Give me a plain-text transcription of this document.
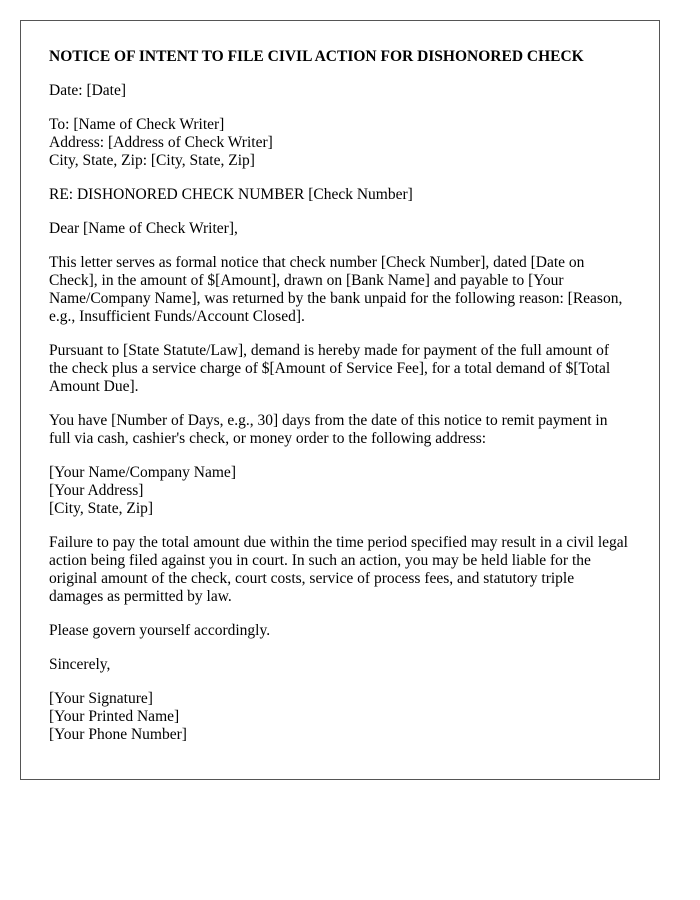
NOTICE OF INTENT TO FILE CIVIL ACTION FOR DISHONORED CHECK
Date: [Date]
To: [Name of Check Writer]
Address: [Address of Check Writer]
City, State, Zip: [City, State, Zip]
RE: DISHONORED CHECK NUMBER [Check Number]
Dear [Name of Check Writer],
This letter serves as formal notice that check number [Check Number], dated [Date on Check], in the amount of $[Amount], drawn on [Bank Name] and payable to [Your Name/Company Name], was returned by the bank unpaid for the following reason: [Reason, e.g., Insufficient Funds/Account Closed].
Pursuant to [State Statute/Law], demand is hereby made for payment of the full amount of the check plus a service charge of $[Amount of Service Fee], for a total demand of $[Total Amount Due].
You have [Number of Days, e.g., 30] days from the date of this notice to remit payment in full via cash, cashier's check, or money order to the following address:
[Your Name/Company Name]
[Your Address]
[City, State, Zip]
Failure to pay the total amount due within the time period specified may result in a civil legal action being filed against you in court. In such an action, you may be held liable for the original amount of the check, court costs, service of process fees, and statutory triple damages as permitted by law.
Please govern yourself accordingly.
Sincerely,
[Your Signature]
[Your Printed Name]
[Your Phone Number]
